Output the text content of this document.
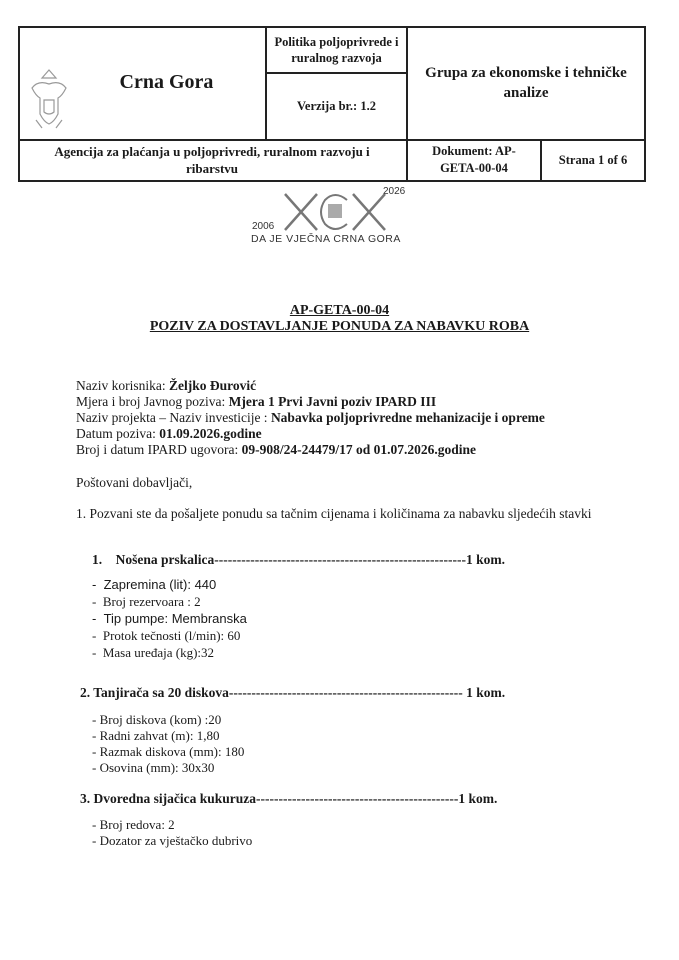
Crna Gora
Politika poljoprivrede i ruralnog razvoja
Verzija br.: 1.2
Grupa za ekonomske i tehničke analize
Agencija za plaćanja u poljoprivredi, ruralnom razvoju i ribarstvu
Dokument: AP-GETA-00-04
Strana 1 of 6
2006
2026
DA JE VJEČNA CRNA GORA
AP-GETA-00-04
POZIV ZA DOSTAVLJANJE PONUDA ZA NABAVKU ROBA
Naziv korisnika: Željko Đurović
Mjera i broj Javnog poziva: Mjera 1 Prvi Javni poziv IPARD III
Naziv projekta – Naziv investicije : Nabavka poljoprivredne mehanizacije i opreme
Datum poziva: 01.09.2026.godine
Broj i datum IPARD ugovora: 09-908/24-24479/17 od 01.07.2026.godine
Poštovani dobavljači,
1. Pozvani ste da pošaljete ponudu sa tačnim cijenama i količinama za nabavku sljedećih stavki
1. Nošena prskalica--------------------------------------------------------1 kom.
-  Zapremina (lit): 440
-  Broj rezervoara : 2
-  Tip pumpe: Membranska
-  Protok tečnosti (l/min): 60
-  Masa uređaja (kg):32
2. Tanjirača sa 20 diskova---------------------------------------------------- 1 kom.
- Broj diskova (kom) :20
- Radni zahvat (m): 1,80
- Razmak diskova (mm): 180
- Osovina (mm): 30x30
3. Dvoredna sijačica kukuruza---------------------------------------------1 kom.
- Broj redova: 2
- Dozator za vještačko dubrivo
